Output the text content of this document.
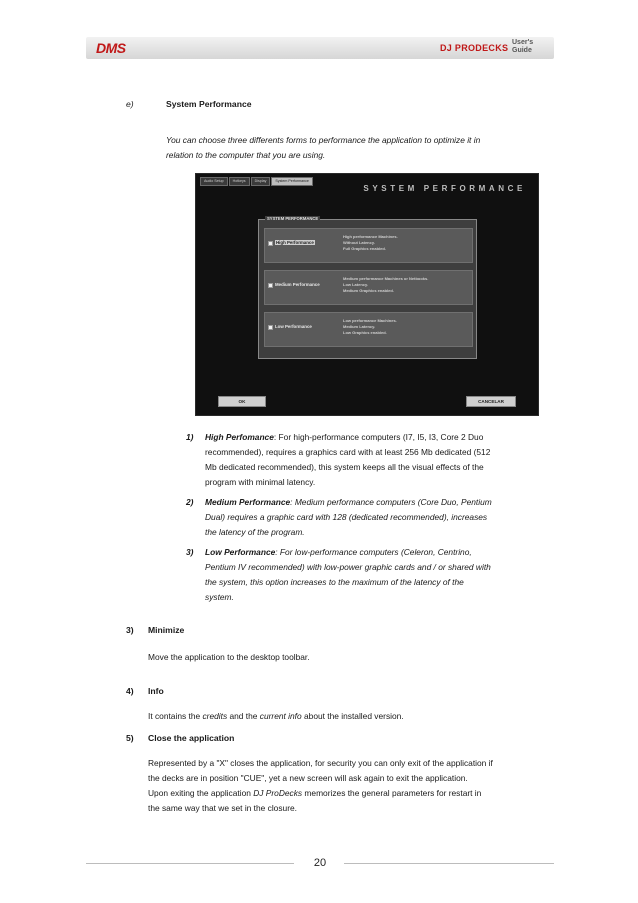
DMS	DJ PRODECKS
User's
Guide
e)	System Performance
You can choose three differents forms to performance the application to optimize it in
relation to the computer that you are using.
Audio Setup	Hotkeys	Display	System Performance
SYSTEM PERFORMANCE
SYSTEM PERFORMANCE
High Performance
High performance Machines.
Without Latency.
Full Graphics enabled.
Medium Performance
Medium performance Machines or Netbooks.
Low Latency.
Medium Graphics enabled.
Low Performance
Low performance Machines.
Medium Latency.
Low Graphics enabled.
OK	CANCELAR
1) High Perfomance: For high-performance computers (I7, I5, I3, Core 2 Duo
recommended), requires a graphics card with at least 256 Mb dedicated (512
Mb dedicated recommended), this system keeps all the visual effects of the
program with minimal latency.
2) Medium Performance: Medium performance computers (Core Duo, Pentium
Dual) requires a graphic card with 128 (dedicated recommended), increases
the latency of the program.
3) Low Performance: For low-performance computers (Celeron, Centrino,
Pentium IV recommended) with low-power graphic cards and / or shared with
the system, this option increases to the maximum of the latency of the
system.
3) Minimize
Move the application to the desktop toolbar.
4) Info
It contains the credits and the current info about the installed version.
5) Close the application
Represented by a "X" closes the application, for security you can only exit of the application if
the decks are in position "CUE", yet a new screen will ask again to exit the application.
Upon exiting the application DJ ProDecks memorizes the general parameters for restart in
the same way that we set in the closure.
20
